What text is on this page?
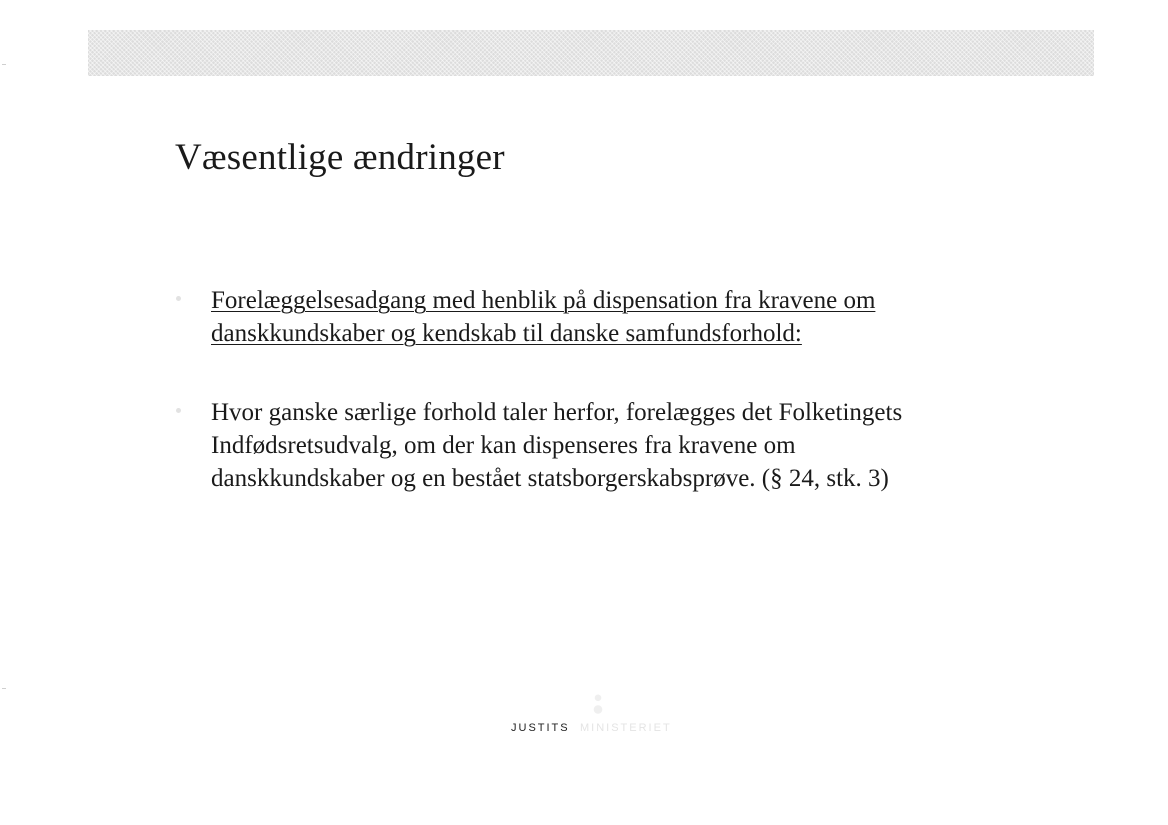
Væsentlige ændringer
Forelæggelsesadgang med henblik på dispensation fra kravene om
danskkundskaber og kendskab til danske samfundsforhold:
Hvor ganske særlige forhold taler herfor, forelægges det Folketingets
Indfødsretsudvalg, om der kan dispenseres fra kravene om
danskkundskaber og en bestået statsborgerskabsprøve. (§ 24, stk. 3)
JUSTITS MINISTERIET
